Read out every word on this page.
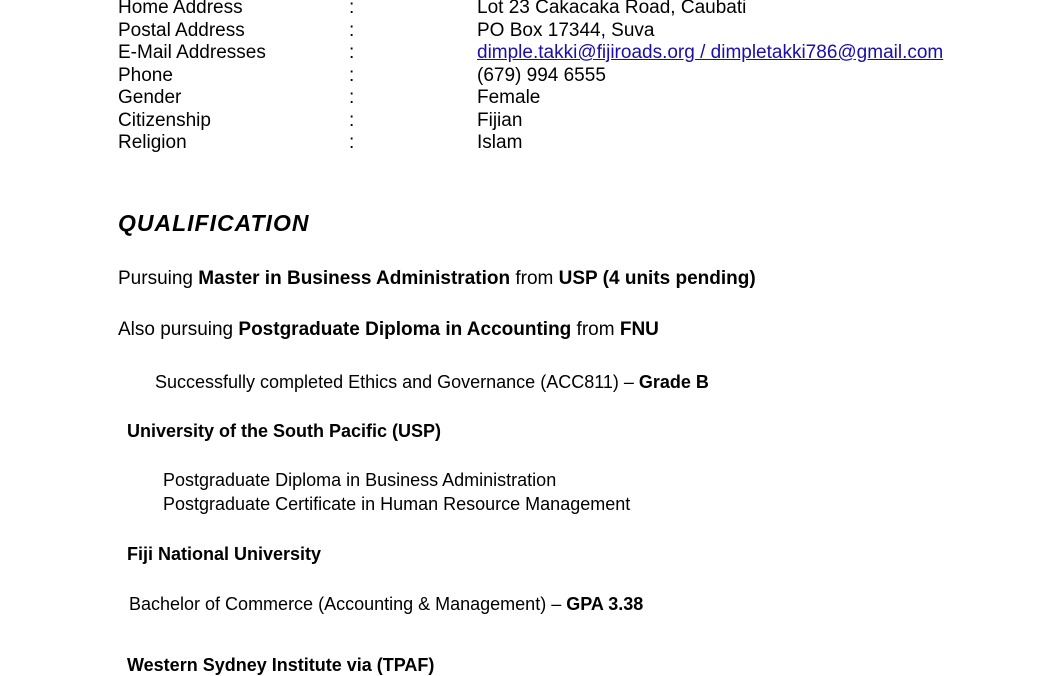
Home Address	:	Lot 23 Cakacaka Road, Caubati
Postal Address	:	PO Box 17344, Suva
E-Mail Addresses	:	dimple.takki@fijiroads.org / dimpletakki786@gmail.com
Phone	:	(679) 994 6555
Gender	:	Female
Citizenship	:	Fijian
Religion	:	Islam
QUALIFICATION
Pursuing Master in Business Administration from USP (4 units pending)
Also pursuing Postgraduate Diploma in Accounting from FNU
Successfully completed Ethics and Governance (ACC811) – Grade B
University of the South Pacific (USP)
Postgraduate Diploma in Business Administration
Postgraduate Certificate in Human Resource Management
Fiji National University
Bachelor of Commerce (Accounting & Management) – GPA 3.38
Western Sydney Institute via (TPAF)
